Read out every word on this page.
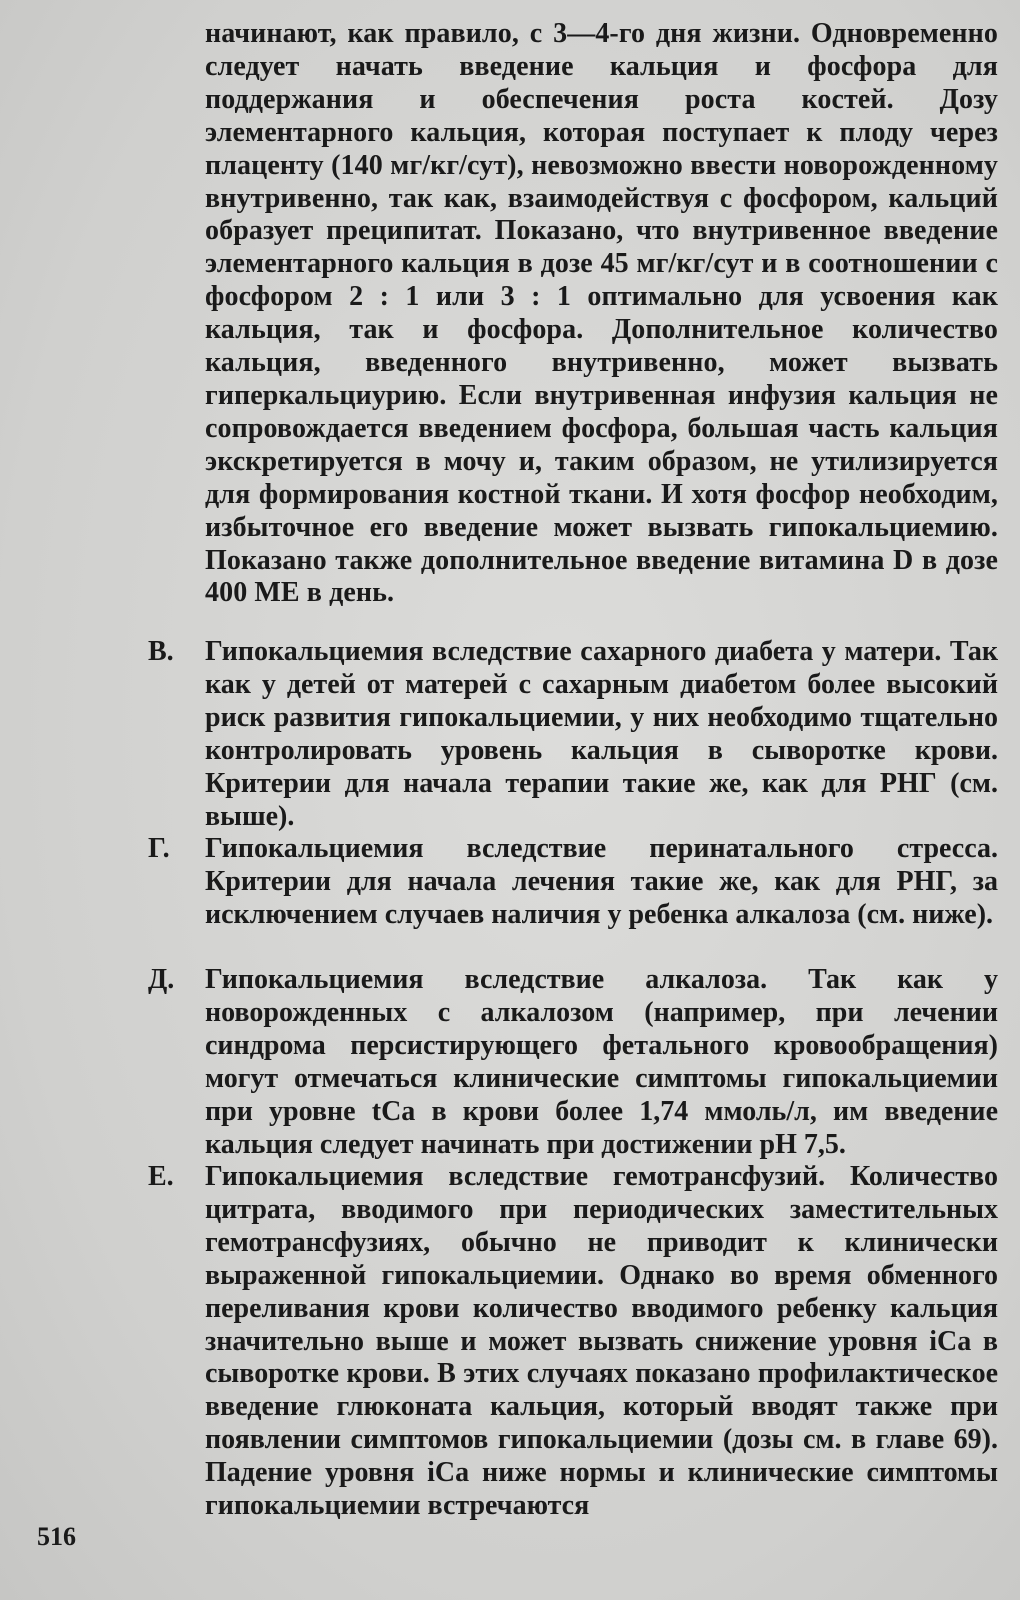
начинают, как правило, с 3—4-го дня жизни. Одновременно следует начать введение кальция и фосфора для поддержания и обеспечения роста костей. Дозу элементарного кальция, которая поступает к плоду через плаценту (140 мг/кг/сут), невозможно ввести новорожденному внутривенно, так как, взаимодействуя с фосфором, кальций образует преципитат. Показано, что внутривенное введение элементарного кальция в дозе 45 мг/кг/сут и в соотношении с фосфором 2 : 1 или 3 : 1 оптимально для усвоения как кальция, так и фосфора. Дополнительное количество кальция, введенного внутривенно, может вызвать гиперкальциурию. Если внутривенная инфузия кальция не сопровождается введением фосфора, большая часть кальция экскретируется в мочу и, таким образом, не утилизируется для формирования костной ткани. И хотя фосфор необходим, избыточное его введение может вызвать гипокальциемию. Показано также дополнительное введение витамина D в дозе 400 МЕ в день.

В. Гипокальциемия вследствие сахарного диабета у матери. Так как у детей от матерей с сахарным диабетом более высокий риск развития гипокальциемии, у них необходимо тщательно контролировать уровень кальция в сыворотке крови. Критерии для начала терапии такие же, как для РНГ (см. выше).

Г. Гипокальциемия вследствие перинатального стресса. Критерии для начала лечения такие же, как для РНГ, за исключением случаев наличия у ребенка алкалоза (см. ниже).

Д. Гипокальциемия вследствие алкалоза. Так как у новорожденных с алкалозом (например, при лечении синдрома персистирующего фетального кровообращения) могут отмечаться клинические симптомы гипокальциемии при уровне tCa в крови более 1,74 ммоль/л, им введение кальция следует начинать при достижении pH 7,5.

Е. Гипокальциемия вследствие гемотрансфузий. Количество цитрата, вводимого при периодических заместительных гемотрансфузиях, обычно не приводит к клинически выраженной гипокальциемии. Однако во время обменного переливания крови количество вводимого ребенку кальция значительно выше и может вызвать снижение уровня iCa в сыворотке крови. В этих случаях показано профилактическое введение глюконата кальция, который вводят также при появлении симптомов гипокальциемии (дозы см. в главе 69). Падение уровня iCa ниже нормы и клинические симптомы гипокальциемии встречаются

516
